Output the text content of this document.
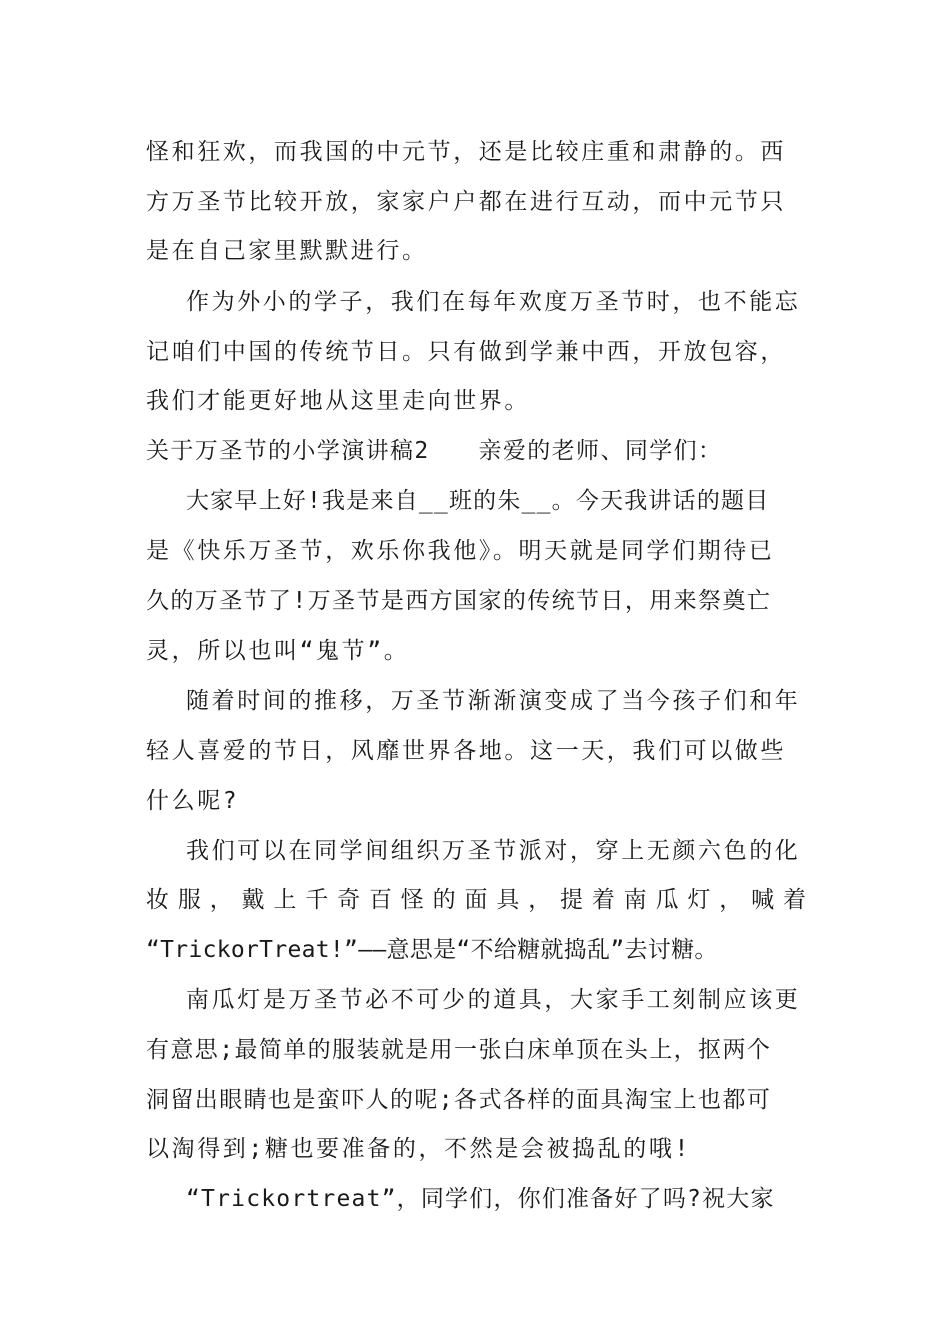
怪和狂欢，而我国的中元节，还是比较庄重和肃静的。西
方万圣节比较开放，家家户户都在进行互动，而中元节只
是在自己家里默默进行。
作为外小的学子，我们在每年欢度万圣节时，也不能忘
记咱们中国的传统节日。只有做到学兼中西，开放包容，
我们才能更好地从这里走向世界。
关于万圣节的小学演讲稿2　　亲爱的老师、同学们：
大家早上好!我是来自__班的朱__。今天我讲话的题目
是《快乐万圣节，欢乐你我他》。明天就是同学们期待已
久的万圣节了!万圣节是西方国家的传统节日，用来祭奠亡
灵，所以也叫“鬼节”。
随着时间的推移，万圣节渐渐演变成了当今孩子们和年
轻人喜爱的节日，风靡世界各地。这一天，我们可以做些
什么呢?
我们可以在同学间组织万圣节派对，穿上无颜六色的化
妆服，戴上千奇百怪的面具，提着南瓜灯，喊着
“TrickorTreat!”——意思是“不给糖就捣乱”去讨糖。
南瓜灯是万圣节必不可少的道具，大家手工刻制应该更
有意思;最简单的服装就是用一张白床单顶在头上，抠两个
洞留出眼睛也是蛮吓人的呢;各式各样的面具淘宝上也都可
以淘得到;糖也要准备的，不然是会被捣乱的哦!
“Trickortreat”，同学们，你们准备好了吗?祝大家
